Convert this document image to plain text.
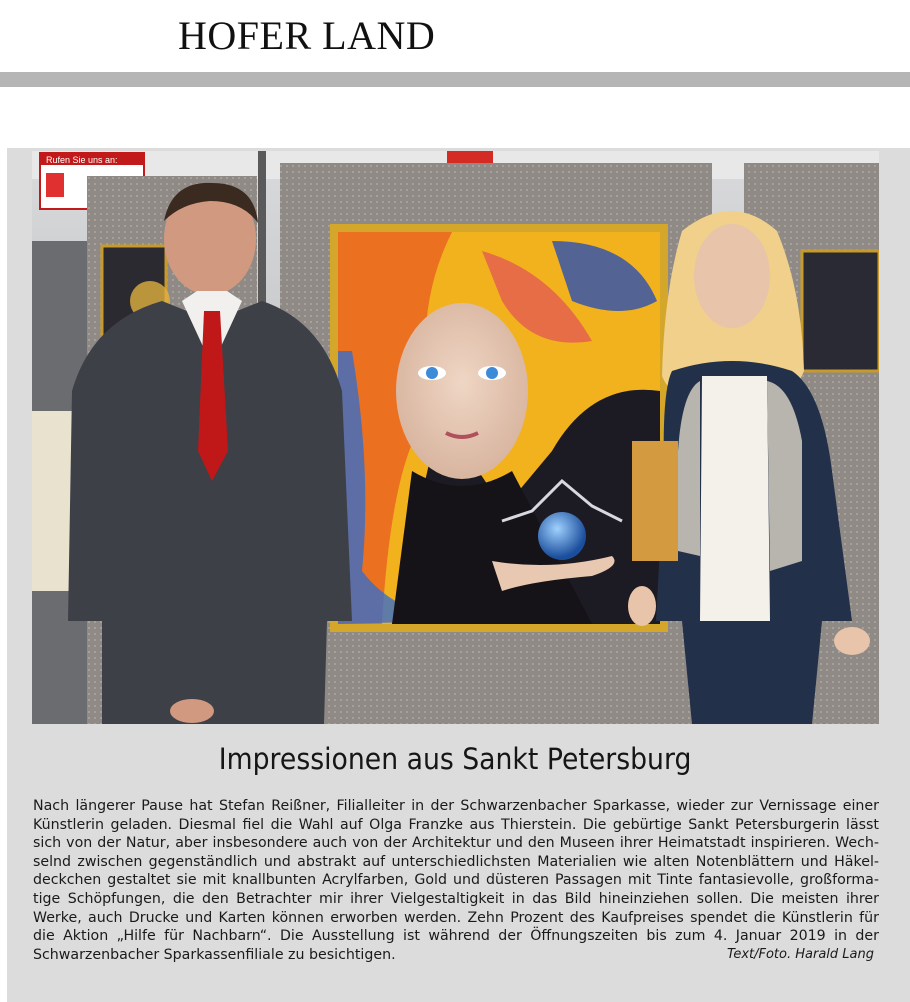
HOFER LAND
Rufen Sie uns an:
Impressionen aus Sankt Petersburg
Nach längerer Pause hat Stefan Reißner, Filialleiter in der Schwarzenbacher Sparkasse, wieder zur Vernissage einer
Künstlerin geladen. Diesmal fiel die Wahl auf Olga Franzke aus Thierstein. Die gebürtige Sankt Petersburgerin lässt
sich von der Natur, aber insbesondere auch von der Architektur und den Museen ihrer Heimatstadt inspirieren. Wech-
selnd zwischen gegenständlich und abstrakt auf unterschiedlichsten Materialien wie alten Notenblättern und Häkel-
deckchen gestaltet sie mit knallbunten Acrylfarben, Gold und düsteren Passagen mit Tinte fantasievolle, großforma-
tige Schöpfungen, die den Betrachter mir ihrer Vielgestaltigkeit in das Bild hineinziehen sollen. Die meisten ihrer
Werke, auch Drucke und Karten können erworben werden. Zehn Prozent des Kaufpreises spendet die Künstlerin für
die Aktion „Hilfe für Nachbarn“. Die Ausstellung ist während der Öffnungszeiten bis zum 4. Januar 2019 in der
Schwarzenbacher Sparkassenfiliale zu besichtigen.	Text/Foto. Harald Lang
